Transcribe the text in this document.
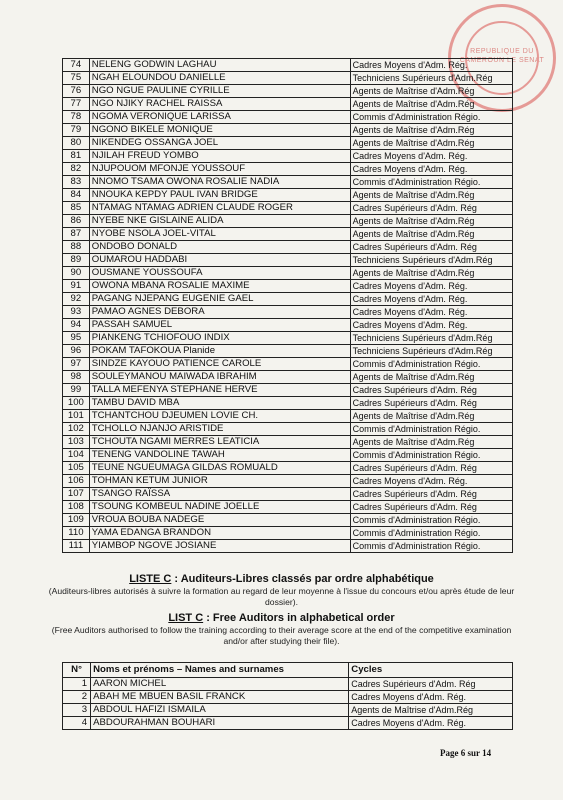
REPUBLIQUE DU CAMEROUN LE SENAT
74	NELENG GODWIN LAGHAU	Cadres Moyens d'Adm. Rég.
75	NGAH ELOUNDOU DANIELLE	Techniciens Supérieurs d'Adm.Rég
76	NGO NGUE PAULINE CYRILLE	Agents de Maîtrise d'Adm.Rég
77	NGO NJIKY RACHEL RAISSA	Agents de Maîtrise d'Adm.Rég
78	NGOMA VERONIQUE LARISSA	Commis d'Administration Régio.
79	NGONO BIKELE MONIQUE	Agents de Maîtrise d'Adm.Rég
80	NIKENDEG OSSANGA JOEL	Agents de Maîtrise d'Adm.Rég
81	NJILAH FREUD YOMBO	Cadres Moyens d'Adm. Rég.
82	NJUPOUOM MFONJE YOUSSOUF	Cadres Moyens d'Adm. Rég.
83	NNOMO TSAMA OWONA ROSALIE NADIA	Commis d'Administration Régio.
84	NNOUKA KEPDY PAUL IVAN BRIDGE	Agents de Maîtrise d'Adm.Rég
85	NTAMAG NTAMAG ADRIEN CLAUDE ROGER	Cadres Supérieurs d'Adm. Rég
86	NYEBE NKE GISLAINE ALIDA	Agents de Maîtrise d'Adm.Rég
87	NYOBE NSOLA JOEL-VITAL	Agents de Maîtrise d'Adm.Rég
88	ONDOBO DONALD	Cadres Supérieurs d'Adm. Rég
89	OUMAROU HADDABI	Techniciens Supérieurs d'Adm.Rég
90	OUSMANE YOUSSOUFA	Agents de Maîtrise d'Adm.Rég
91	OWONA MBANA ROSALIE MAXIME	Cadres Moyens d'Adm. Rég.
92	PAGANG NJEPANG EUGENIE GAEL	Cadres Moyens d'Adm. Rég.
93	PAMAO AGNES DEBORA	Cadres Moyens d'Adm. Rég.
94	PASSAH SAMUEL	Cadres Moyens d'Adm. Rég.
95	PIANKENG TCHIOFOUO INDIX	Techniciens Supérieurs d'Adm.Rég
96	POKAM TAFOKOUA Planide	Techniciens Supérieurs d'Adm.Rég
97	SINDZE KAYOUO PATIENCE CAROLE	Commis d'Administration Régio.
98	SOULEYMANOU MAIWADA IBRAHIM	Agents de Maîtrise d'Adm.Rég
99	TALLA MEFENYA STEPHANE HERVE	Cadres Supérieurs d'Adm. Rég
100	TAMBU DAVID MBA	Cadres Supérieurs d'Adm. Rég
101	TCHANTCHOU DJEUMEN LOVIE CH.	Agents de Maîtrise d'Adm.Rég
102	TCHOLLO NJANJO ARISTIDE	Commis d'Administration Régio.
103	TCHOUTA NGAMI MERRES LEATICIA	Agents de Maîtrise d'Adm.Rég
104	TENENG VANDOLINE TAWAH	Commis d'Administration Régio.
105	TEUNE NGUEUMAGA GILDAS ROMUALD	Cadres Supérieurs d'Adm. Rég
106	TOHMAN KETUM JUNIOR	Cadres Moyens d'Adm. Rég.
107	TSANGO RAÏSSA	Cadres Supérieurs d'Adm. Rég
108	TSOUNG KOMBEUL NADINE JOELLE	Cadres Supérieurs d'Adm. Rég
109	VROUA BOUBA NADEGE	Commis d'Administration Régio.
110	YAMA EDANGA BRANDON	Commis d'Administration Régio.
111	YIAMBOP NGOVE JOSIANE	Commis d'Administration Régio.
LISTE C : Auditeurs-Libres classés par ordre alphabétique
(Auditeurs-libres autorisés à suivre la formation au regard de leur moyenne à l'issue du concours et/ou après étude de leur dossier).
LIST C : Free Auditors in alphabetical order
(Free Auditors authorised to follow the training according to their average score at the end of the competitive examination and/or after studying their file).
N°	Noms et prénoms – Names and surnames	Cycles
1	AARON MICHEL	Cadres Supérieurs d'Adm. Rég
2	ABAH ME MBUEN BASIL FRANCK	Cadres Moyens d'Adm. Rég.
3	ABDOUL HAFIZI ISMAILA	Agents de Maîtrise d'Adm.Rég
4	ABDOURAHMAN BOUHARI	Cadres Moyens d'Adm. Rég.
Page 6 sur 14
